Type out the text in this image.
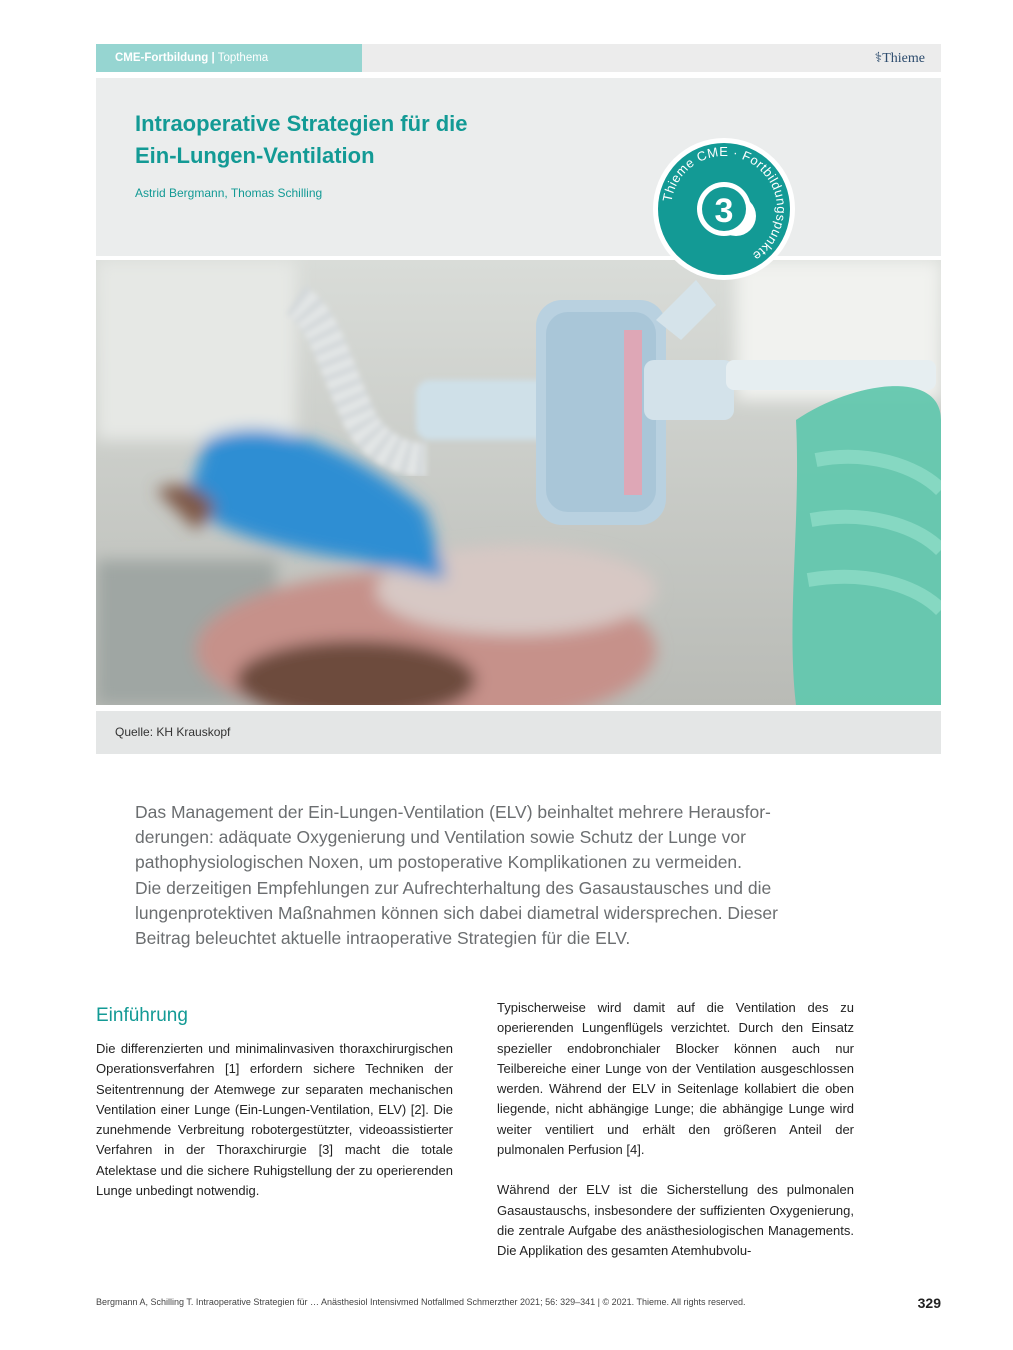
CME-Fortbildung | Topthema	⚕Thieme
Intraoperative Strategien für die
Ein-Lungen-Ventilation
Astrid Bergmann, Thomas Schilling	Thieme CME · Fortbildungspunkte
3
Quelle: KH Krauskopf

Das Management der Ein-Lungen-Ventilation (ELV) beinhaltet mehrere Herausfor-

derungen: adäquate Oxygenierung und Ventilation sowie Schutz der Lunge vor

pathophysiologischen Noxen, um postoperative Komplikationen zu vermeiden.

Die derzeitigen Empfehlungen zur Aufrechterhaltung des Gasaustausches und die

lungenprotektiven Maßnahmen können sich dabei diametral widersprechen. Dieser

Beitrag beleuchtet aktuelle intraoperative Strategien für die ELV.

Einführung

Die differenzierten und minimalinvasiven thoraxchirurgischen Operationsverfahren [1] erfordern sichere Techniken der Seitentrennung der Atemwege zur separaten mechanischen Ventilation einer Lunge (Ein-Lungen-Ventilation, ELV) [2]. Die zunehmende Verbreitung robotergestützter, videoassistierter Verfahren in der Thoraxchirurgie [3] macht die totale Atelektase und die sichere Ruhigstellung der zu operierenden Lunge unbedingt notwendig.

Typischerweise wird damit auf die Ventilation des zu operierenden Lungenflügels verzichtet. Durch den Einsatz spezieller endobronchialer Blocker können auch nur Teilbereiche einer Lunge von der Ventilation ausgeschlossen werden. Während der ELV in Seitenlage kollabiert die oben liegende, nicht abhängige Lunge; die abhängige Lunge wird weiter ventiliert und erhält den größeren Anteil der pulmonalen Perfusion [4].

Während der ELV ist die Sicherstellung des pulmonalen Gasaustauschs, insbesondere der suffizienten Oxygenierung, die zentrale Aufgabe des anästhesiologischen Managements. Die Applikation des gesamten Atemhubvolu-

Bergmann A, Schilling T. Intraoperative Strategien für … Anästhesiol Intensivmed Notfallmed Schmerzther 2021; 56: 329–341 | © 2021. Thieme. All rights reserved.	329
